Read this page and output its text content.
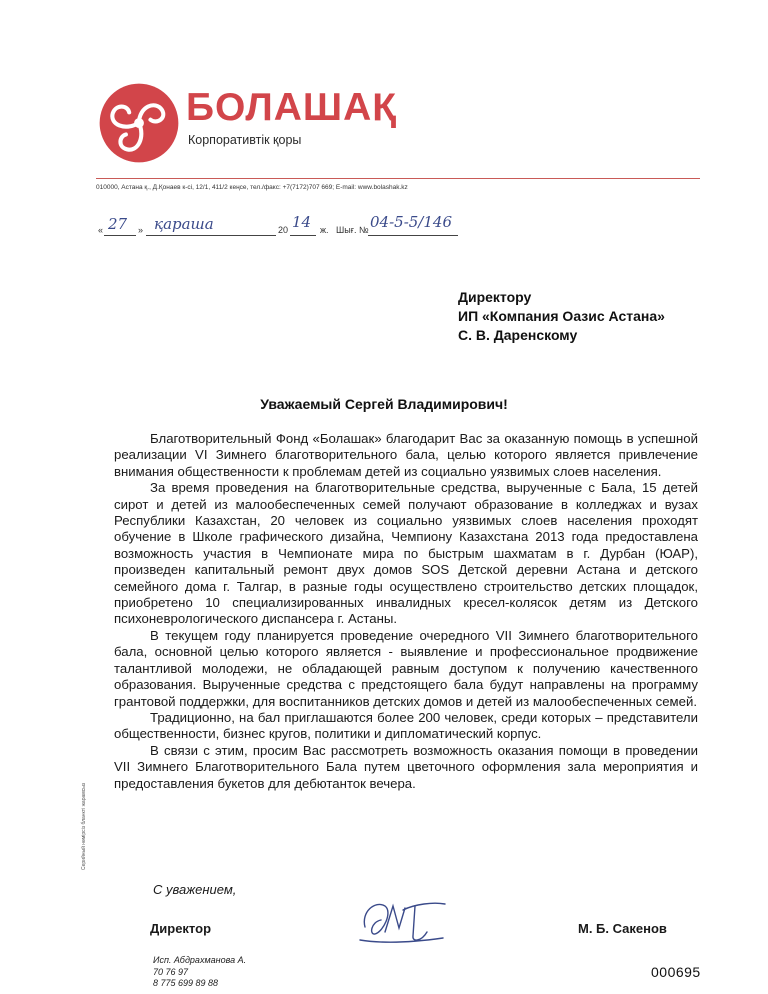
БОЛАШАҚ
Корпоративтік қоры
010000, Астана қ., Д.Қонаев к-сі, 12/1, 411/2 кеңсе, тел./факс: +7(7172)707 669; E-mail: www.bolashak.kz
« 27 » қараша	20 14 ж. Шығ. № 04-5-5/146
Директору
ИП «Компания Оазис Астана»
С. В. Даренскому
Уважаемый Сергей Владимирович!

Благотворительный Фонд «Болашак» благодарит Вас за оказанную помощь в успешной реализации VI Зимнего благотворительного бала, целью которого является привлечение внимания общественности к проблемам детей из социально уязвимых слоев населения.

За время проведения на благотворительные средства, вырученные с Бала, 15 детей сирот и детей из малообеспеченных семей получают образование в колледжах и вузах Республики Казахстан, 20 человек из социально уязвимых слоев населения проходят обучение в Школе графического дизайна, Чемпиону Казахстана 2013 года предоставлена возможность участия в Чемпионате мира по быстрым шахматам в г. Дурбан (ЮАР), произведен капитальный ремонт двух домов SOS Детской деревни Астана и детского семейного дома г. Талгар, в разные годы осуществлено строительство детских площадок, приобретено 10 специализированных инвалидных кресел-колясок детям из Детского психоневрологического диспансера г. Астаны.

В текущем году планируется проведение очередного VII Зимнего благотворительного бала, основной целью которого является - выявление и профессиональное продвижение талантливой молодежи, не обладающей равным доступом к получению качественного образования. Вырученные средства с предстоящего бала будут направлены на программу грантовой поддержки, для воспитанников детских домов и детей из малообеспеченных семей.

Традиционно, на бал приглашаются более 200 человек, среди которых – представители общественности, бизнес кругов, политики и дипломатический корпус.

В связи с этим, просим Вас рассмотреть возможность оказания помощи в проведении VII Зимнего Благотворительного Бала путем цветочного оформления зала мероприятия и предоставления букетов для дебютанток вечера.

С уважением,
Директор	М. Б. Сакенов
Исп. Абдрахманова А.
70 76 97
8 775 699 89 88
000695
Серийный нөмірсіз бланкті жарамсыз
